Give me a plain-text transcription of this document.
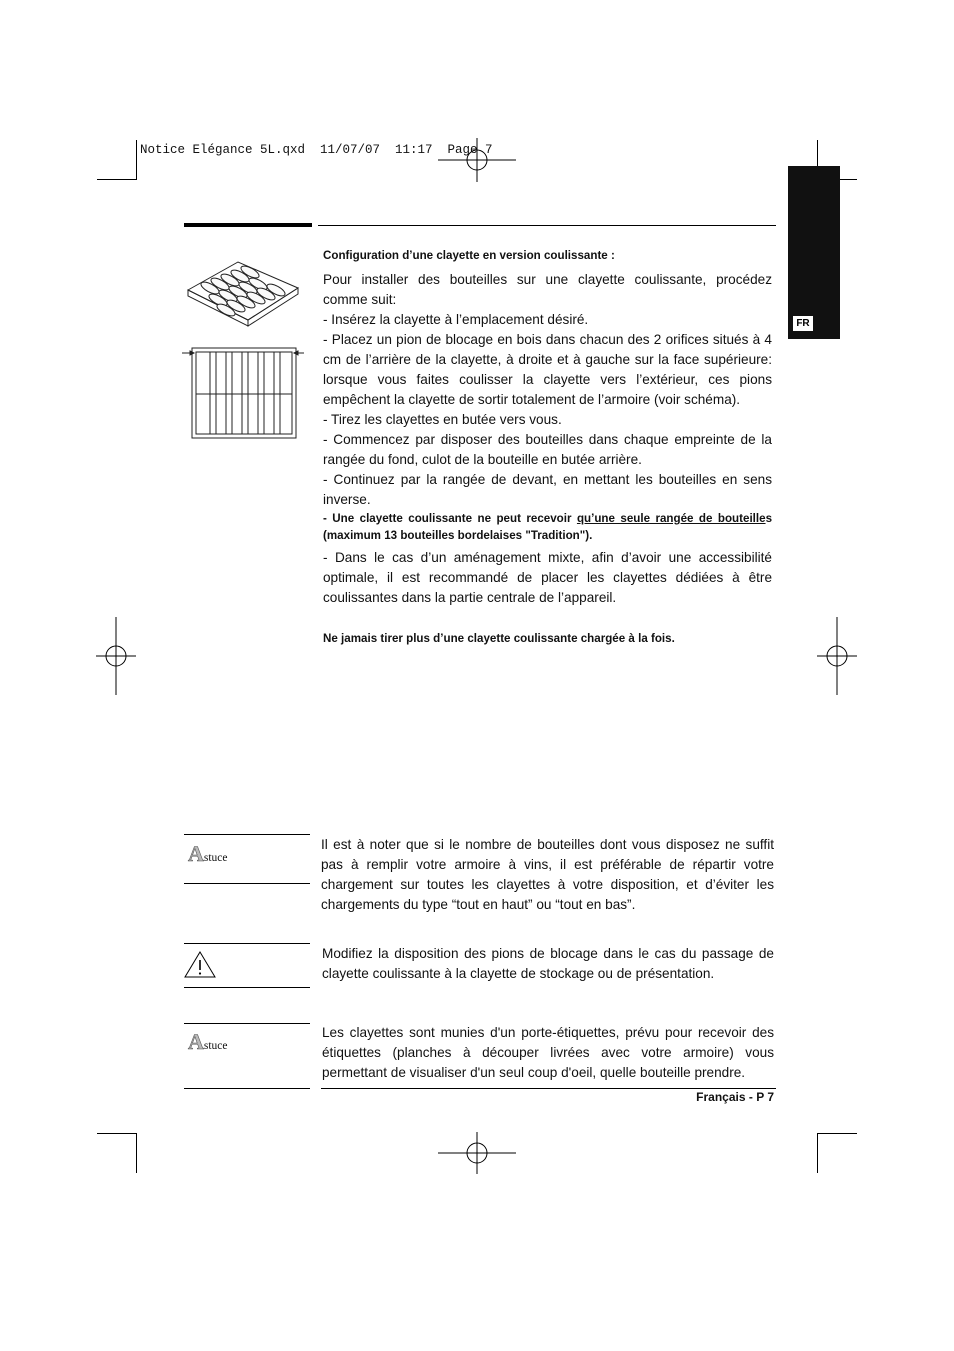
Notice Elégance 5L.qxd  11/07/07  11:17  Page 7
FR

Configuration d’une clayette en version coulissante :

Pour installer des bouteilles sur une clayette coulissante, procédez comme suit:

- Insérez la clayette à l’emplacement désiré.

- Placez un pion de blocage en bois dans chacun des 2 orifices situés à 4 cm de l’arrière de la clayette, à droite et à gauche sur la face supérieure: lorsque vous faites coulisser la clayette vers l’extérieur, ces pions empêchent la clayette de sortir totalement de l’armoire (voir schéma).

- Tirez les clayettes en butée vers vous.

- Commencez par disposer des bouteilles dans chaque empreinte de la rangée du fond, culot de la bouteille en butée arrière.

- Continuez par la rangée de devant, en mettant les bouteilles en sens inverse.

- Une clayette coulissante ne peut recevoir qu’une seule rangée de bouteilles (maximum 13 bouteilles bordelaises "Tradition").

- Dans le cas d’un aménagement mixte, afin d’avoir une accessibilité optimale, il est recommandé de placer les clayettes dédiées à être coulissantes dans la partie centrale de l’appareil.

Ne jamais tirer plus d’une clayette coulissante chargée à la fois.

Astuce
Il est à noter que si le nombre de bouteilles dont vous disposez ne suffit pas à remplir votre armoire à vins, il est préférable de répartir votre chargement sur toutes les clayettes à votre disposition, et d’éviter les chargements du type “tout en haut” ou “tout en bas”.
Modifiez la disposition des pions de blocage dans le cas du passage de clayette coulissante à la clayette de stockage ou de présentation.
Astuce
Les clayettes sont munies d'un porte-étiquettes, prévu pour recevoir des étiquettes (planches à découper livrées avec votre armoire) vous permettant de visualiser d'un seul coup d'oeil, quelle bouteille prendre.
Français - P 7
